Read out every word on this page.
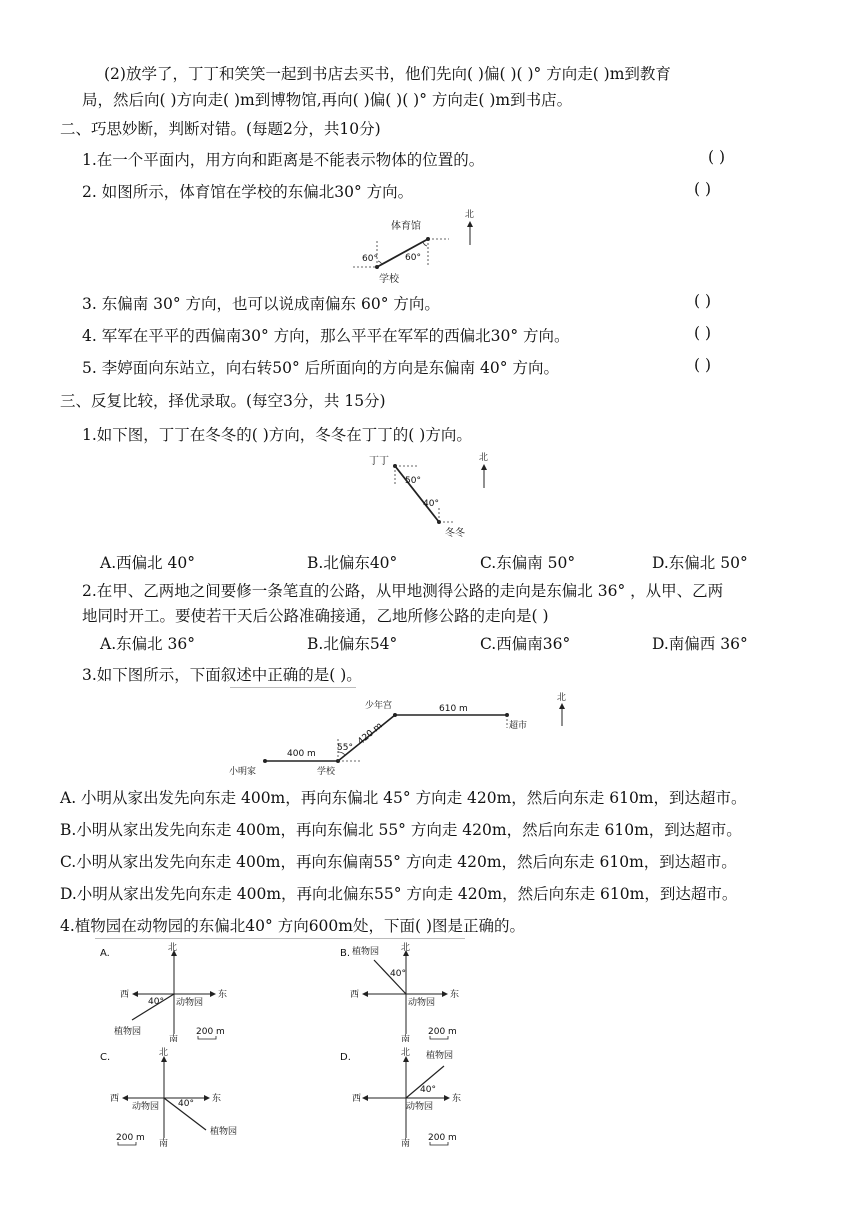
(2)放学了，丁丁和笑笑一起到书店去买书，他们先向( )偏( )( )° 方向走( )m到教育
局，然后向( )方向走( )m到博物馆,再向( )偏( )( )° 方向走( )m到书店。
二、巧思妙断，判断对错。(每题2分，共10分)
1.在一个平面内，用方向和距离是不能表示物体的位置的。	( )
2. 如图所示，体育馆在学校的东偏北30° 方向。	( )
体育馆
学校
60°	60°
北
3. 东偏南 30° 方向，也可以说成南偏东 60° 方向。	( )
4. 军军在平平的西偏南30° 方向，那么平平在军军的西偏北30° 方向。	( )
5. 李婷面向东站立，向右转50° 后所面向的方向是东偏南 40° 方向。	( )
三、反复比较，择优录取。(每空3分，共 15分)
1.如下图，丁丁在冬冬的( )方向，冬冬在丁丁的( )方向。
丁丁
冬冬
50°
40°
北
A.西偏北 40°	B.北偏东40°	C.东偏南 50°	D.东偏北 50°
2.在甲、乙两地之间要修一条笔直的公路，从甲地测得公路的走向是东偏北 36° ，从甲、乙两
地同时开工。要使若干天后公路准确接通，乙地所修公路的走向是( )
A.东偏北 36°	B.北偏东54°	C.西偏南36°	D.南偏西 36°
3.如下图所示，下面叙述中正确的是( )。
小明家	学校
少年宫
超市
400 m
420 m
610 m
55°
北
A. 小明从家出发先向东走 400m，再向东偏北 45° 方向走 420m，然后向东走 610m，到达超市。
B.小明从家出发先向东走 400m，再向东偏北 55° 方向走 420m，然后向东走 610m，到达超市。
C.小明从家出发先向东走 400m，再向东偏南55° 方向走 420m，然后向东走 610m，到达超市。
D.小明从家出发先向东走 400m，再向北偏东55° 方向走 420m，然后向东走 610m，到达超市。
4.植物园在动物园的东偏北40° 方向600m处，下面( )图是正确的。
A.	北
南
东
西
动物园
植物园
40°
200 m
B.	北
南
东
西
动物园
植物园
40°
200 m
C.	北
南
东
西
动物园
植物园
40°
200 m
D.	北
南
东
西
动物园
植物园
40°
200 m
